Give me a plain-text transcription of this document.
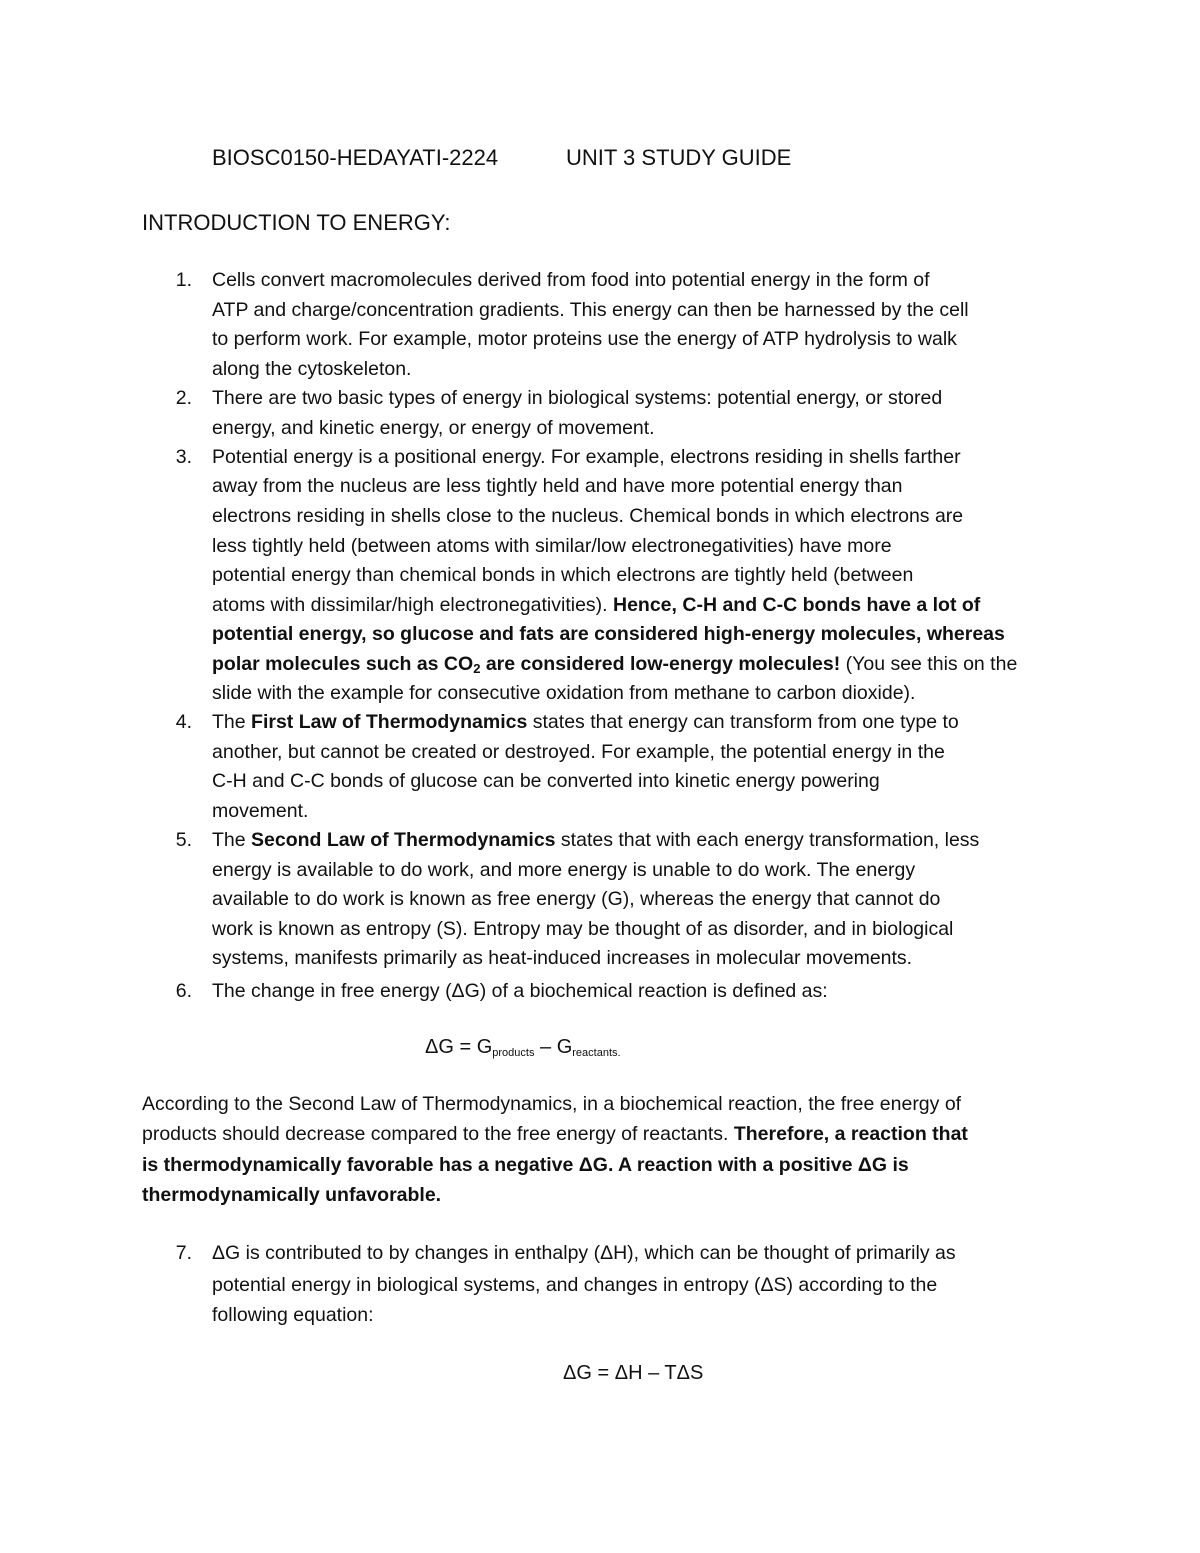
BIOSC0150-HEDAYATI-2224	UNIT 3 STUDY GUIDE
INTRODUCTION TO ENERGY:
1. Cells convert macromolecules derived from food into potential energy in the form of
ATP and charge/concentration gradients. This energy can then be harnessed by the cell
to perform work. For example, motor proteins use the energy of ATP hydrolysis to walk
along the cytoskeleton.
2. There are two basic types of energy in biological systems: potential energy, or stored
energy, and kinetic energy, or energy of movement.
3. Potential energy is a positional energy. For example, electrons residing in shells farther
away from the nucleus are less tightly held and have more potential energy than
electrons residing in shells close to the nucleus. Chemical bonds in which electrons are
less tightly held (between atoms with similar/low electronegativities) have more
potential energy than chemical bonds in which electrons are tightly held (between
atoms with dissimilar/high electronegativities). Hence, C-H and C-C bonds have a lot of
potential energy, so glucose and fats are considered high-energy molecules, whereas
polar molecules such as CO2 are considered low-energy molecules! (You see this on the
slide with the example for consecutive oxidation from methane to carbon dioxide).
4. The First Law of Thermodynamics states that energy can transform from one type to
another, but cannot be created or destroyed. For example, the potential energy in the
C-H and C-C bonds of glucose can be converted into kinetic energy powering
movement.
5. The Second Law of Thermodynamics states that with each energy transformation, less
energy is available to do work, and more energy is unable to do work. The energy
available to do work is known as free energy (G), whereas the energy that cannot do
work is known as entropy (S). Entropy may be thought of as disorder, and in biological
systems, manifests primarily as heat-induced increases in molecular movements.
6. The change in free energy (ΔG) of a biochemical reaction is defined as:
$\Delta G = G_{products} - G_{reactants.}$
According to the Second Law of Thermodynamics, in a biochemical reaction, the free energy of
products should decrease compared to the free energy of reactants. Therefore, a reaction that
is thermodynamically favorable has a negative ΔG. A reaction with a positive ΔG is
thermodynamically unfavorable.
7. ΔG is contributed to by changes in enthalpy (ΔH), which can be thought of primarily as
potential energy in biological systems, and changes in entropy (ΔS) according to the
following equation:
ΔG = ΔH – TΔS
